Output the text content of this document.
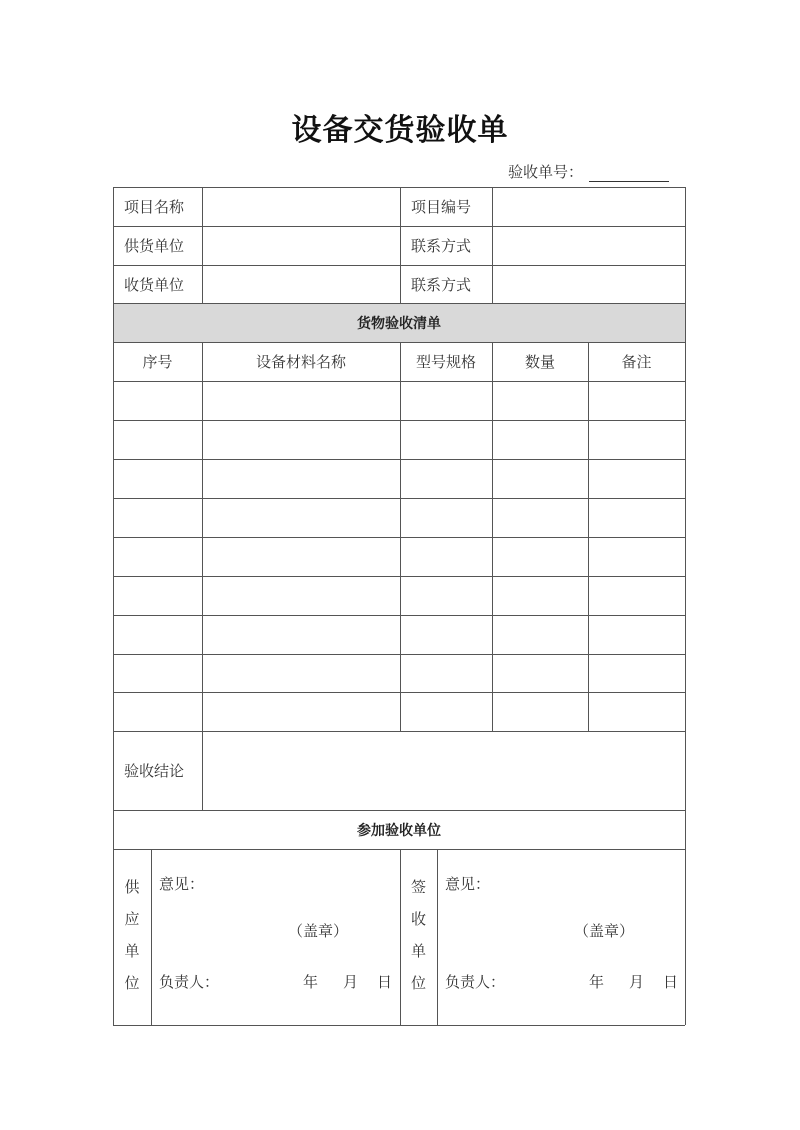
设备交货验收单
验收单号：
项目名称	项目编号
供货单位	联系方式
收货单位	联系方式
货物验收清单
序号	设备材料名称	型号规格	数量	备注
验收结论
参加验收单位
供
应
单
位
意见：
（盖章）
负责人：	年 月 日
签
收
单
位
意见：
（盖章）
负责人：	年 月 日
